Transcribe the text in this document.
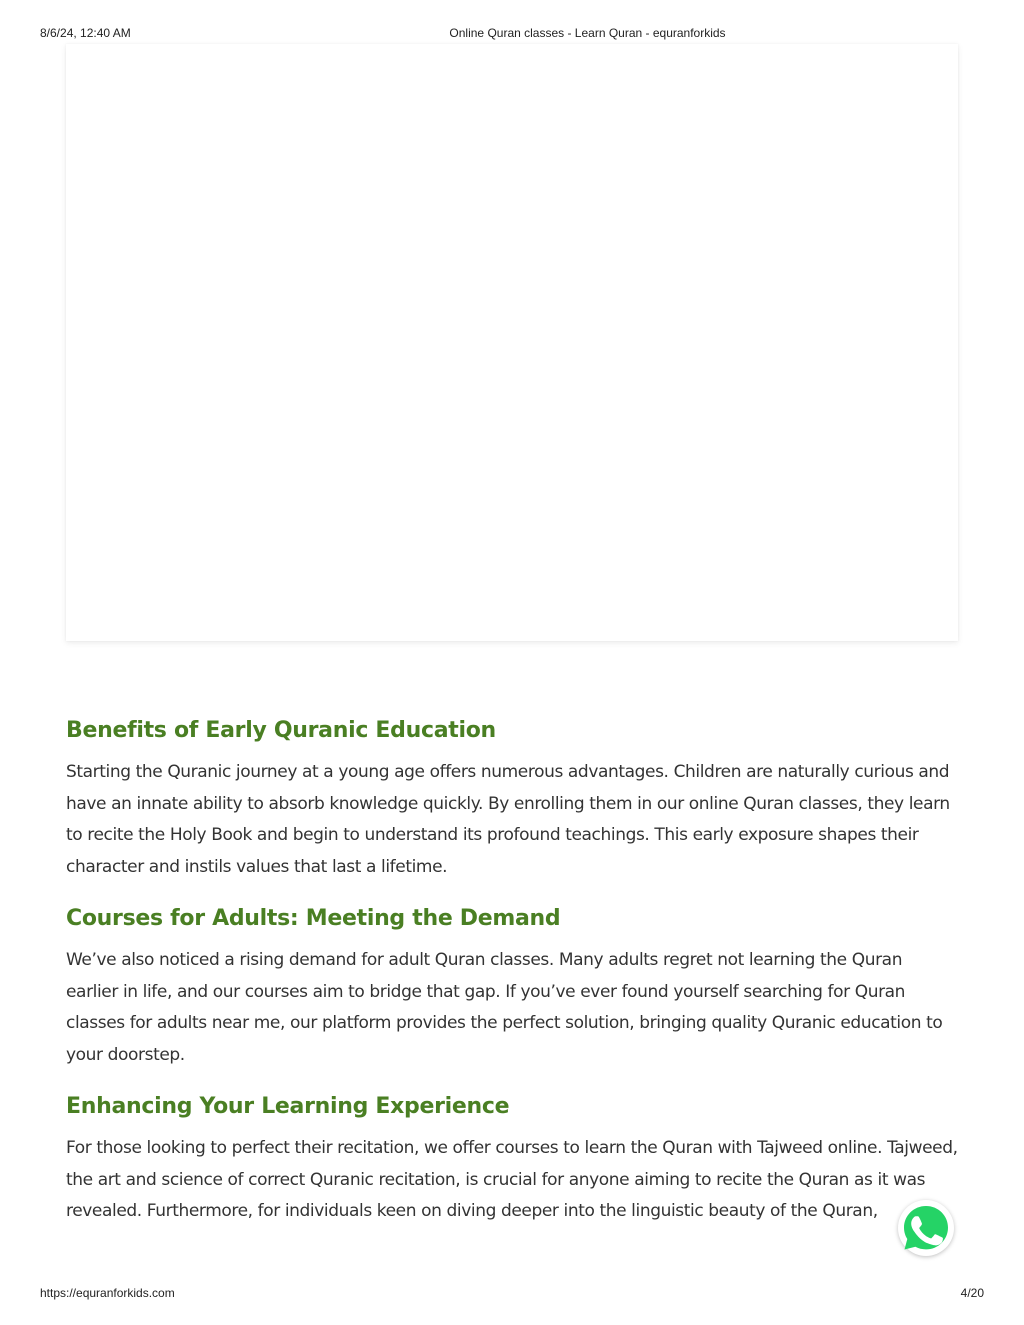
8/6/24, 12:40 AM	Online Quran classes - Learn Quran - equranforkids
Benefits of Early Quranic Education

Starting the Quranic journey at a young age offers numerous advantages. Children are naturally curious and have an innate ability to absorb knowledge quickly. By enrolling them in our online Quran classes, they learn to recite the Holy Book and begin to understand its profound teachings. This early exposure shapes their character and instils values that last a lifetime.

Courses for Adults: Meeting the Demand

We’ve also noticed a rising demand for adult Quran classes. Many adults regret not learning the Quran earlier in life, and our courses aim to bridge that gap. If you’ve ever found yourself searching for Quran classes for adults near me, our platform provides the perfect solution, bringing quality Quranic education to your doorstep.

Enhancing Your Learning Experience

For those looking to perfect their recitation, we offer courses to learn the Quran with Tajweed online. Tajweed, the art and science of correct Quranic recitation, is crucial for anyone aiming to recite the Quran as it was revealed. Furthermore, for individuals keen on diving deeper into the linguistic beauty of the Quran,

https://equranforkids.com	4/20
